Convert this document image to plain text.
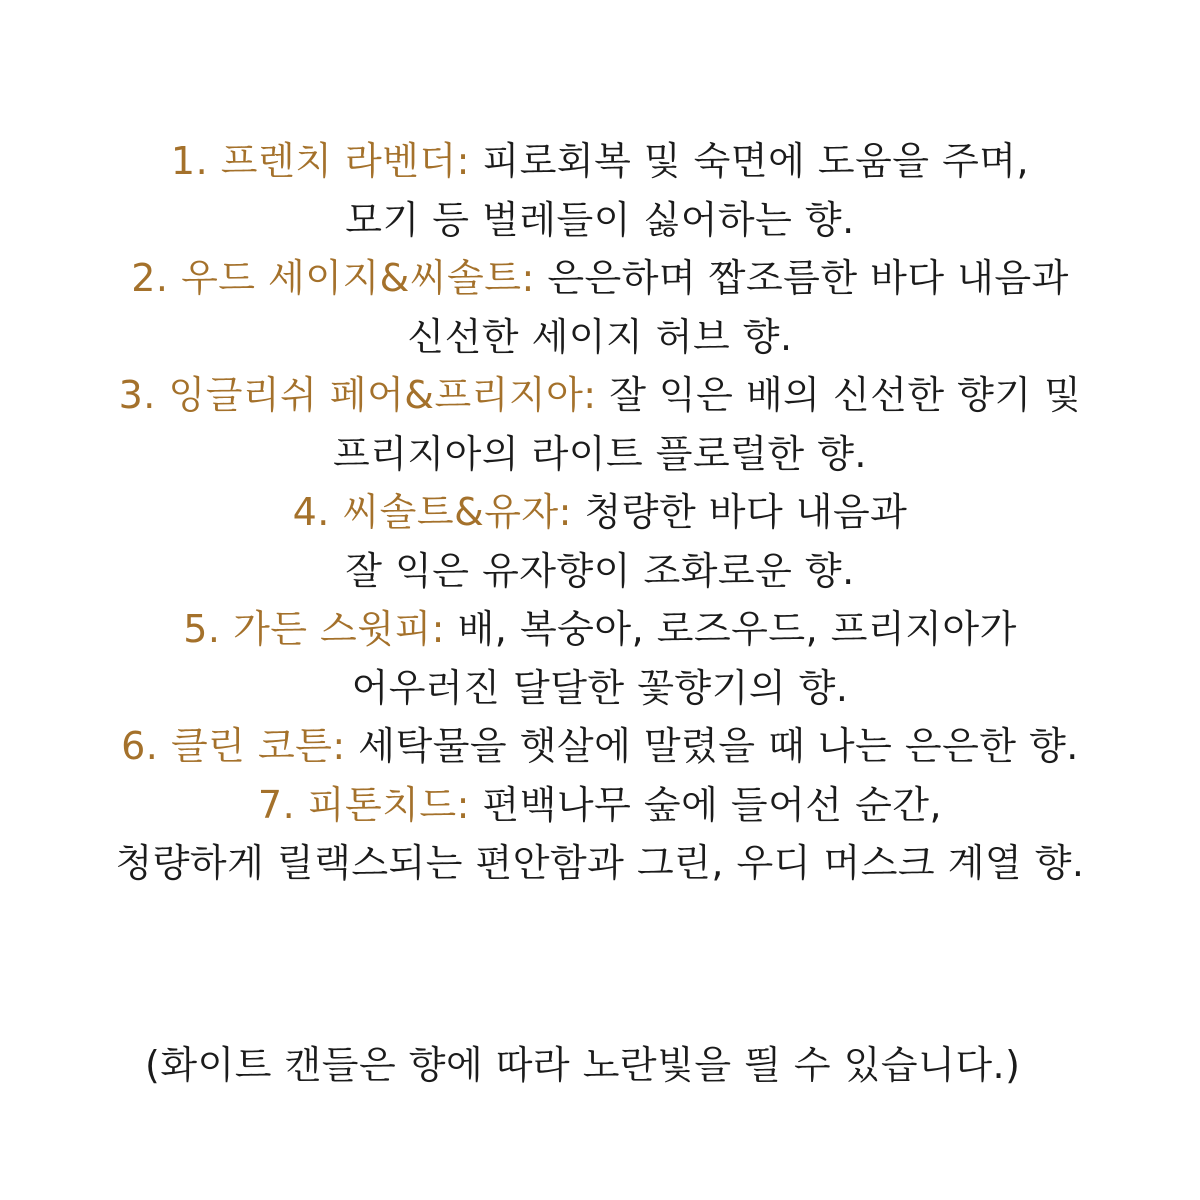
1. 프렌치 라벤더: 피로회복 및 숙면에 도움을 주며,
모기 등 벌레들이 싫어하는 향.
2. 우드 세이지&씨솔트: 은은하며 짭조름한 바다 내음과
신선한 세이지 허브 향.
3. 잉글리쉬 페어&프리지아: 잘 익은 배의 신선한 향기 및
프리지아의 라이트 플로럴한 향.
4. 씨솔트&유자: 청량한 바다 내음과
잘 익은 유자향이 조화로운 향.
5. 가든 스윗피: 배, 복숭아, 로즈우드, 프리지아가
어우러진 달달한 꽃향기의 향.
6. 클린 코튼: 세탁물을 햇살에 말렸을 때 나는 은은한 향.
7. 피톤치드: 편백나무 숲에 들어선 순간,
청량하게 릴랙스되는 편안함과 그린, 우디 머스크 계열 향.

(화이트 캔들은 향에 따라 노란빛을 띌 수 있습니다.)
